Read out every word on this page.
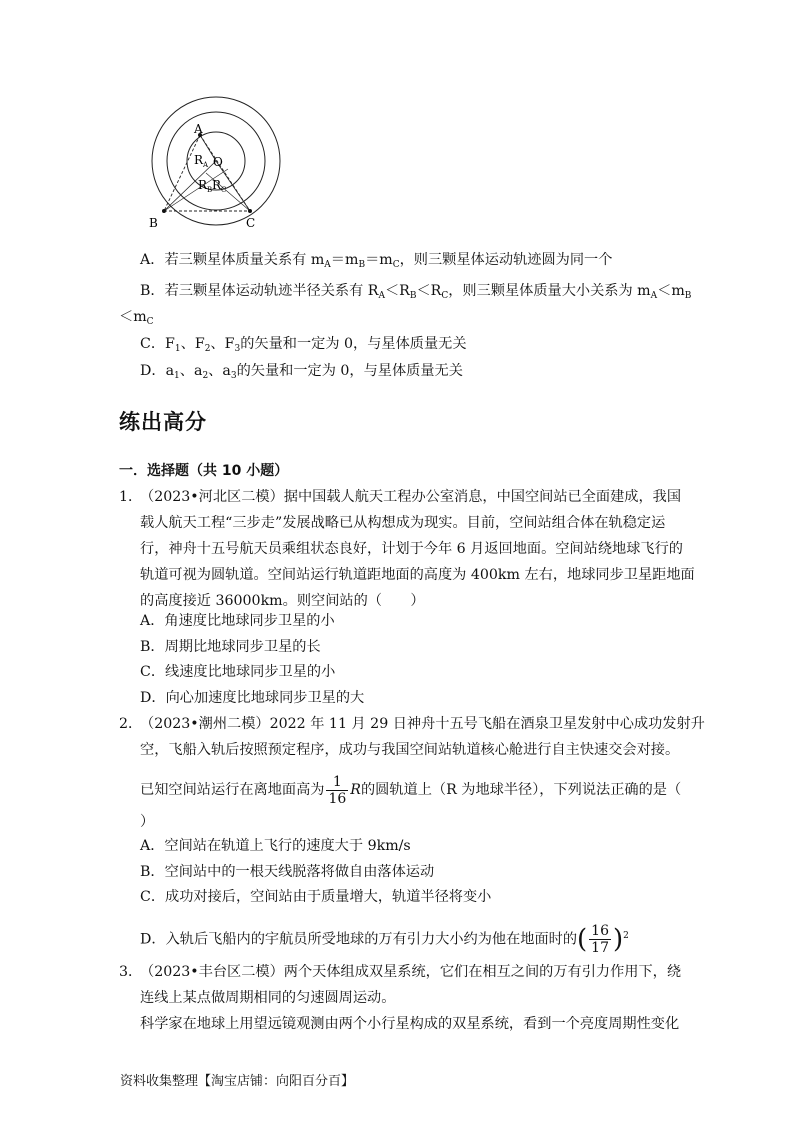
A
B	C
O
$R_A$
$R_B$ $R_C$
A．若三颗星体质量关系有 $m_A=m_B=m_C$，则三颗星体运动轨迹圆为同一个
B．若三颗星体运动轨迹半径关系有 $R_A<R_B<R_C$，则三颗星体质量大小关系为 $m_A<m_B$
$<m_C$
C．$F_1$、$F_2$、$F_3$的矢量和一定为 0，与星体质量无关
D．$a_1$、$a_2$、$a_3$的矢量和一定为 0，与星体质量无关
练出高分
一．选择题（共 10 小题）
1．
（2023•河北区二模）据中国载人航天工程办公室消息，中国空间站已全面建成，我国
载人航天工程“三步走”发展战略已从构想成为现实。目前，空间站组合体在轨稳定运
行，神舟十五号航天员乘组状态良好，计划于今年 6 月返回地面。空间站绕地球飞行的
轨道可视为圆轨道。空间站运行轨道距地面的高度为 400km 左右，地球同步卫星距地面
的高度接近 36000km。则空间站的（　　）
A．角速度比地球同步卫星的小
B．周期比地球同步卫星的长
C．线速度比地球同步卫星的小
D．向心加速度比地球同步卫星的大
2．
（2023•潮州二模）2022 年 11 月 29 日神舟十五号飞船在酒泉卫星发射中心成功发射升
空，飞船入轨后按照预定程序，成功与我国空间站轨道核心舱进行自主快速交会对接。
已知空间站运行在离地面高为 $\frac{1}{16}$ R的圆轨道上（R 为地球半径），下列说法正确的是（
）
A．空间站在轨道上飞行的速度大于 9km/s
B．空间站中的一根天线脱落将做自由落体运动
C．成功对接后，空间站由于质量增大，轨道半径将变小
D．入轨后飞船内的宇航员所受地球的万有引力大小约为他在地面时的( $\frac{16}{17} )^2$
3．
（2023•丰台区二模）两个天体组成双星系统，它们在相互之间的万有引力作用下，绕
连线上某点做周期相同的匀速圆周运动。
科学家在地球上用望远镜观测由两个小行星构成的双星系统，看到一个亮度周期性变化
资料收集整理【淘宝店铺：向阳百分百】
